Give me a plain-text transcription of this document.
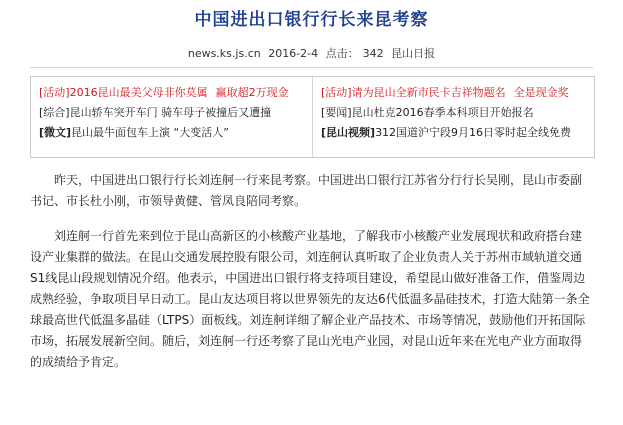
中国进出口银行行长来昆考察
news.ks.js.cn 2016-2-4 点击： 342 昆山日报
[活动]2016昆山最美父母非你莫属 赢取超2万现金
[综合]昆山轿车突开车门 骑车母子被撞后又遭撞
[微文]昆山最牛面包车上演 “大变活人”
[活动]请为昆山全新市民卡吉祥物题名 全是现金奖
[要闻]昆山杜克2016春季本科项目开始报名
[昆山视频]312国道沪宁段9月16日零时起全线免费

昨天，中国进出口银行行长刘连舸一行来昆考察。中国进出口银行江苏省分行行长吴刚，昆山市委副书记、市长杜小刚，市领导黄健、管凤良陪同考察。

刘连舸一行首先来到位于昆山高新区的小核酸产业基地，了解我市小核酸产业发展现状和政府搭台建设产业集群的做法。在昆山交通发展控股有限公司，刘连舸认真听取了企业负责人关于苏州市域轨道交通S1线昆山段规划情况介绍。他表示，中国进出口银行将支持项目建设，希望昆山做好准备工作，借鉴周边成熟经验，争取项目早日动工。昆山友达项目将以世界领先的友达6代低温多晶硅技术，打造大陆第一条全球最高世代低温多晶硅（LTPS）面板线。刘连舸详细了解企业产品技术、市场等情况，鼓励他们开拓国际市场，拓展发展新空间。随后，刘连舸一行还考察了昆山光电产业园，对昆山近年来在光电产业方面取得的成绩给予肯定。
